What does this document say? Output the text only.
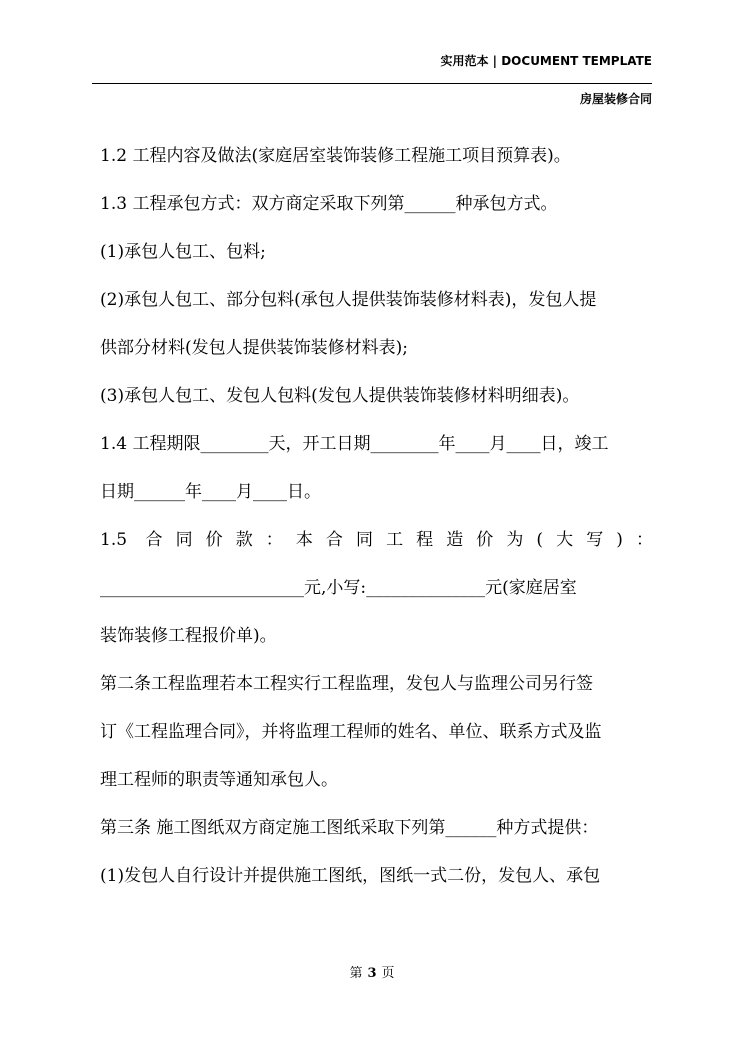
实用范本 | DOCUMENT TEMPLATE
房屋装修合同
1.2 工程内容及做法(家庭居室装饰装修工程施工项目预算表)。
1.3 工程承包方式：双方商定采取下列第______种承包方式。
(1)承包人包工、包料;
(2)承包人包工、部分包料(承包人提供装饰装修材料表)，发包人提
供部分材料(发包人提供装饰装修材料表);
(3)承包人包工、发包人包料(发包人提供装饰装修材料明细表)。
1.4 工程期限________天，开工日期________年____月____日，竣工
日期______年____月____日。
1.5 合同价款：本合同工程造价为(大写)：
________________________元,小写:______________元(家庭居室
装饰装修工程报价单)。
第二条工程监理若本工程实行工程监理，发包人与监理公司另行签
订《工程监理合同》，并将监理工程师的姓名、单位、联系方式及监
理工程师的职责等通知承包人。
第三条 施工图纸双方商定施工图纸采取下列第______种方式提供：
(1)发包人自行设计并提供施工图纸，图纸一式二份，发包人、承包
第 3 页
